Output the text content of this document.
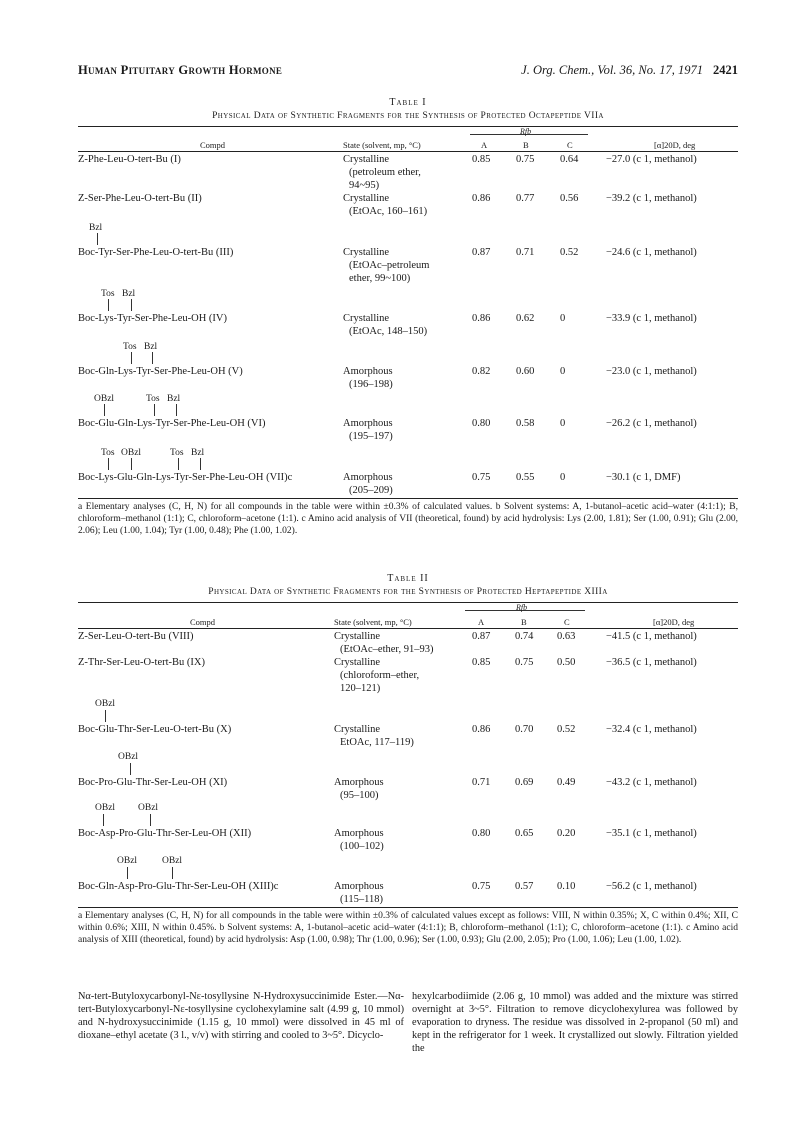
Human Pituitary Growth Hormone	J. Org. Chem., Vol. 36, No. 17, 1971 2421
Table I
Physical Data of Synthetic Fragments for the Synthesis of Protected Octapeptide VIIa
Rfb
Compd	State (solvent, mp, °C)	A	B	C	[α]20D, deg
Z-Phe-Leu-O-tert-Bu (I)	Crystalline
(petroleum ether,
94~95)
0.85 0.75 0.64	−27.0 (c 1, methanol)
Z-Ser-Phe-Leu-O-tert-Bu (II)	Crystalline
(EtOAc, 160–161)
0.86 0.77 0.56	−39.2 (c 1, methanol)
Bzl
Boc-Tyr-Ser-Phe-Leu-O-tert-Bu (III)	Crystalline
(EtOAc–petroleum
ether, 99~100)
0.87 0.71 0.52	−24.6 (c 1, methanol)
Tos Bzl
Boc-Lys-Tyr-Ser-Phe-Leu-OH (IV)	Crystalline
(EtOAc, 148–150)
0.86 0.62 0	−33.9 (c 1, methanol)
Tos Bzl
Boc-Gln-Lys-Tyr-Ser-Phe-Leu-OH (V)	Amorphous
(196–198)
0.82 0.60 0	−23.0 (c 1, methanol)
OBzl	Tos Bzl
Boc-Glu-Gln-Lys-Tyr-Ser-Phe-Leu-OH (VI)	Amorphous
(195–197)
0.80 0.58 0	−26.2 (c 1, methanol)
Tos OBzl	Tos Bzl
Boc-Lys-Glu-Gln-Lys-Tyr-Ser-Phe-Leu-OH (VII)c	Amorphous
(205–209)
0.75 0.55 0	−30.1 (c 1, DMF)
a Elementary analyses (C, H, N) for all compounds in the table were within ±0.3% of calculated values. b Solvent systems: A, 1-butanol–acetic acid–water (4:1:1); B, chloroform–methanol (1:1); C, chloroform–acetone (1:1). c Amino acid analysis of VII (theoretical, found) by acid hydrolysis: Lys (2.00, 1.81); Ser (1.00, 0.91); Glu (2.00, 2.06); Leu (1.00, 1.04); Tyr (1.00, 0.48); Phe (1.00, 1.02).
Table II
Physical Data of Synthetic Fragments for the Synthesis of Protected Heptapeptide XIIIa
Rfb
Compd	State (solvent, mp, °C)	A	B	C	[α]20D, deg
Z-Ser-Leu-O-tert-Bu (VIII)	Crystalline
(EtOAc–ether, 91–93)
0.87 0.74 0.63	−41.5 (c 1, methanol)
Z-Thr-Ser-Leu-O-tert-Bu (IX)	Crystalline
(chloroform–ether,
120–121)
0.85 0.75 0.50	−36.5 (c 1, methanol)
OBzl
Boc-Glu-Thr-Ser-Leu-O-tert-Bu (X)	Crystalline
EtOAc, 117–119)
0.86 0.70 0.52	−32.4 (c 1, methanol)
OBzl
Boc-Pro-Glu-Thr-Ser-Leu-OH (XI)	Amorphous
(95–100)
0.71 0.69 0.49	−43.2 (c 1, methanol)
OBzl OBzl
Boc-Asp-Pro-Glu-Thr-Ser-Leu-OH (XII)	Amorphous
(100–102)
0.80 0.65 0.20	−35.1 (c 1, methanol)
OBzl	OBzl
Boc-Gln-Asp-Pro-Glu-Thr-Ser-Leu-OH (XIII)c	Amorphous
(115–118)
0.75 0.57 0.10	−56.2 (c 1, methanol)
a Elementary analyses (C, H, N) for all compounds in the table were within ±0.3% of calculated values except as follows: VIII, N within 0.35%; X, C within 0.4%; XII, C within 0.6%; XIII, N within 0.45%. b Solvent systems: A, 1-butanol–acetic acid–water (4:1:1); B, chloroform–methanol (1:1); C, chloroform–acetone (1:1). c Amino acid analysis of XIII (theoretical, found) by acid hydrolysis: Asp (1.00, 0.98); Thr (1.00, 0.96); Ser (1.00, 0.93); Glu (2.00, 2.05); Pro (1.00, 1.06); Leu (1.00, 1.02).
Nα-tert-Butyloxycarbonyl-Nε-tosyllysine N-Hydroxysuccinimide Ester.—Nα-tert-Butyloxycarbonyl-Nε-tosyllysine cyclohexylamine salt (4.99 g, 10 mmol) and N-hydroxysuccinimide (1.15 g, 10 mmol) were dissolved in 45 ml of dioxane–ethyl acetate (3 l., v/v) with stirring and cooled to 3~5°. Dicyclo-
hexylcarbodiimide (2.06 g, 10 mmol) was added and the mixture was stirred overnight at 3~5°. Filtration to remove dicyclohexylurea was followed by evaporation to dryness. The residue was dissolved in 2-propanol (50 ml) and kept in the refrigerator for 1 week. It crystallized out slowly. Filtration yielded the
